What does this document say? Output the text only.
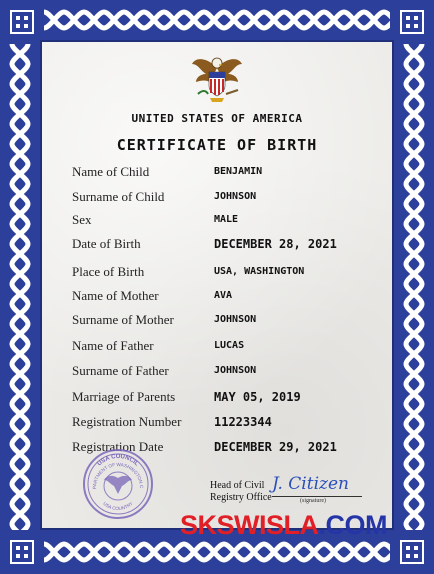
UNITED STATES OF AMERICA
CERTIFICATE OF BIRTH
Name of Child	BENJAMIN
Surname of Child	JOHNSON
Sex	MALE
Date of Birth	DECEMBER 28, 2021
Place of Birth	USA, WASHINGTON
Name of Mother	AVA
Surname of Mother	JOHNSON
Name of Father	LUCAS
Surname of Father	JOHNSON
Marriage of Parents	MAY 05, 2019
Registration Number	11223344
Registration Date	DECEMBER 29, 2021
USA COUNCIL
PARTMENT OF WASHINGTON C
USA COUNTRY
Head of Civil
Registry Office
J. Citizen
(signature)
SKSWISLA.COM
